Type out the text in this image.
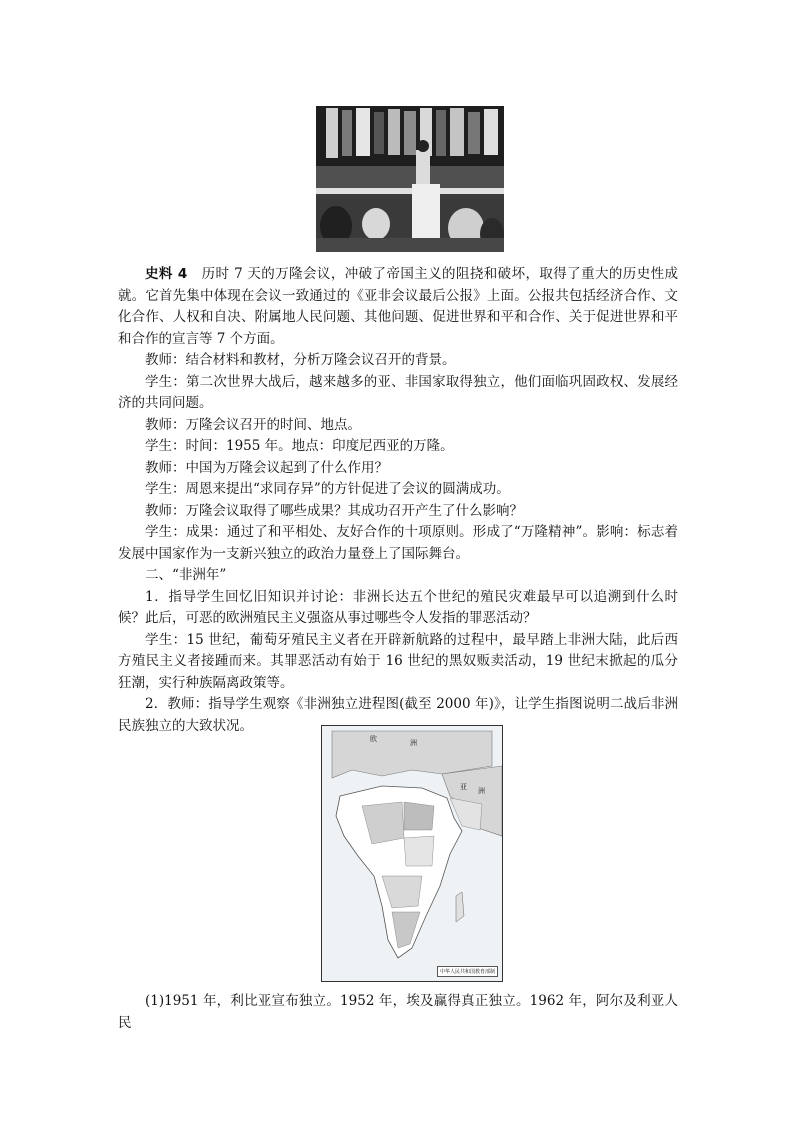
史料 4　历时 7 天的万隆会议，冲破了帝国主义的阻挠和破坏，取得了重大的历史性成就。它首先集中体现在会议一致通过的《亚非会议最后公报》上面。公报共包括经济合作、文化合作、人权和自决、附属地人民问题、其他问题、促进世界和平和合作、关于促进世界和平和合作的宣言等 7 个方面。

教师：结合材料和教材，分析万隆会议召开的背景。

学生：第二次世界大战后，越来越多的亚、非国家取得独立，他们面临巩固政权、发展经济的共同问题。

教师：万隆会议召开的时间、地点。

学生：时间：1955 年。地点：印度尼西亚的万隆。

教师：中国为万隆会议起到了什么作用？

学生：周恩来提出“求同存异”的方针促进了会议的圆满成功。

教师：万隆会议取得了哪些成果？其成功召开产生了什么影响？

学生：成果：通过了和平相处、友好合作的十项原则。形成了“万隆精神”。影响：标志着发展中国家作为一支新兴独立的政治力量登上了国际舞台。

二、“非洲年”

1．指导学生回忆旧知识并讨论：非洲长达五个世纪的殖民灾难最早可以追溯到什么时候？此后，可恶的欧洲殖民主义强盗从事过哪些令人发指的罪恶活动？

学生：15 世纪，葡萄牙殖民主义者在开辟新航路的过程中，最早踏上非洲大陆，此后西方殖民主义者接踵而来。其罪恶活动有始于 16 世纪的黑奴贩卖活动，19 世纪末掀起的瓜分狂潮，实行种族隔离政策等。

2．教师：指导学生观察《非洲独立进程图(截至 2000 年)》，让学生指图说明二战后非洲民族独立的大致状况。

欧	洲
亚 洲
中华人民共和国教育部制

(1)1951 年，利比亚宣布独立。1952 年，埃及赢得真正独立。1962 年，阿尔及利亚人民
